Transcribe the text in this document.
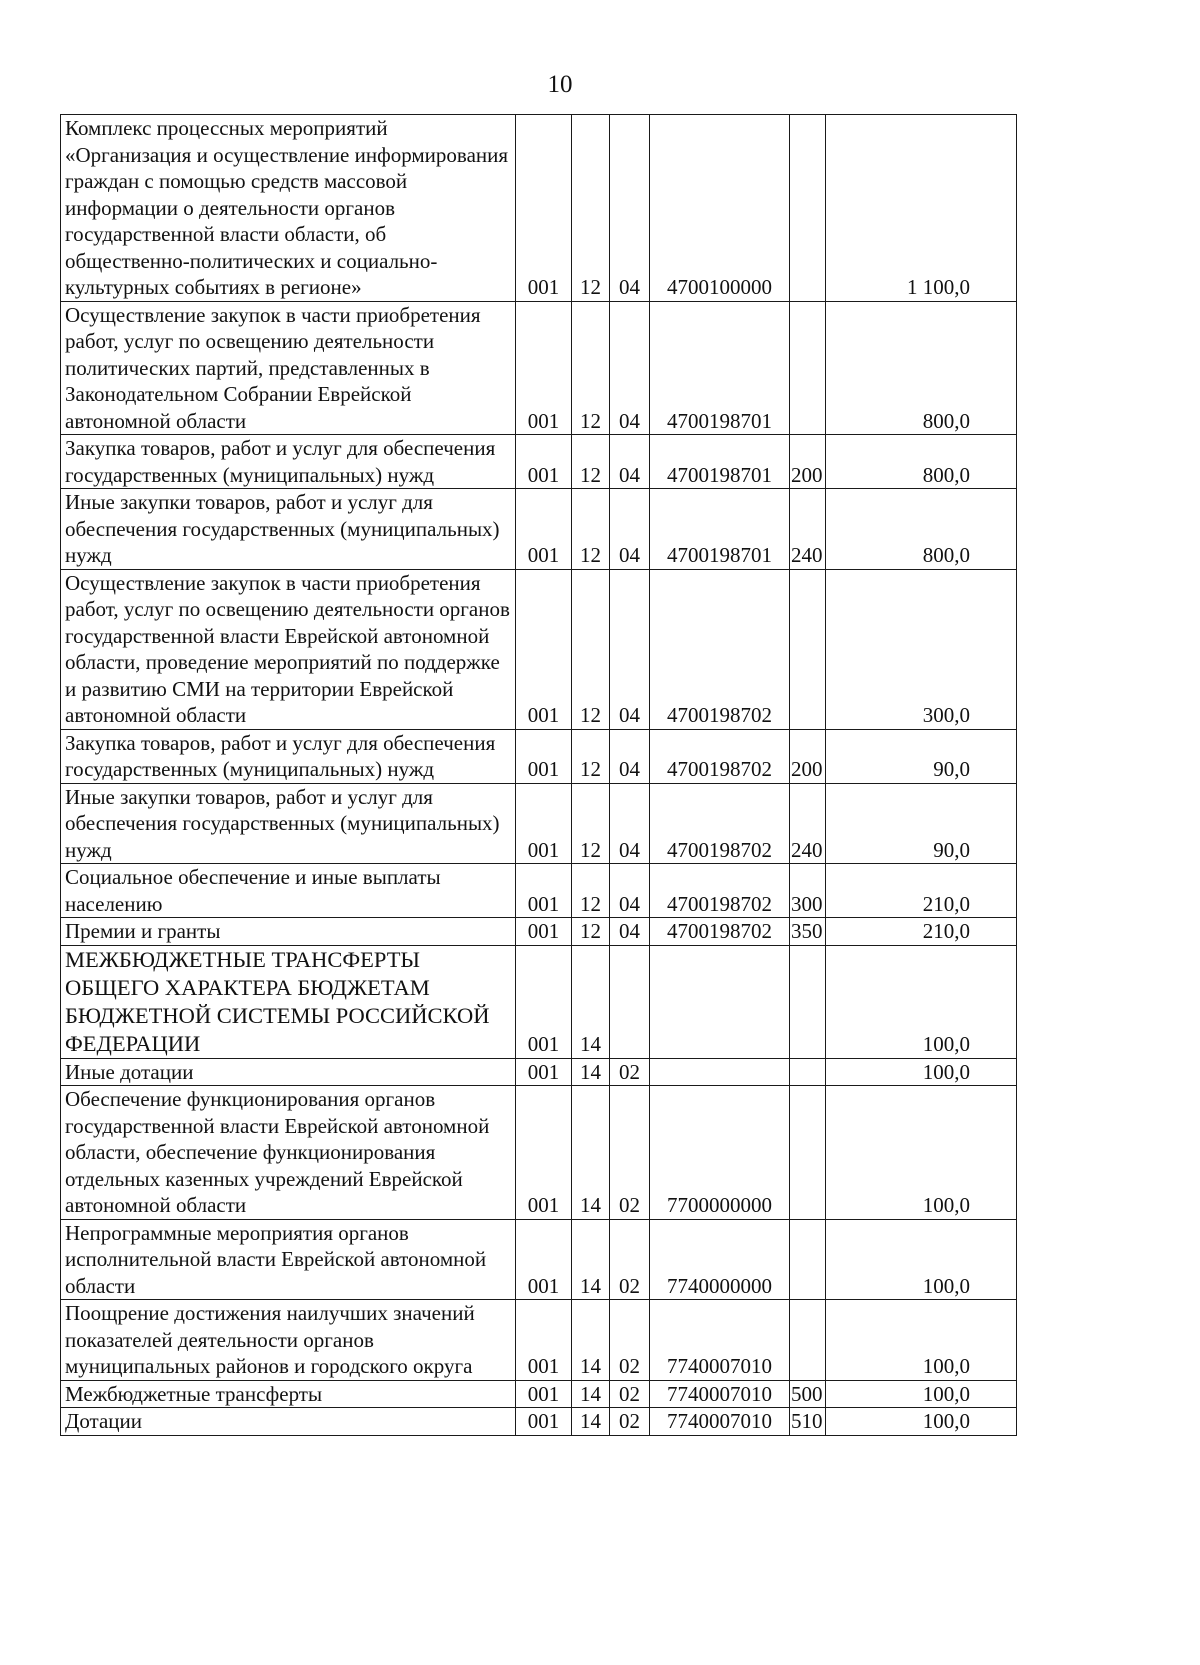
10
Комплекс процессных мероприятий «Организация и осуществление информирования граждан с помощью средств массовой информации о деятельности органов государственной власти области, об общественно-политических и социально-культурных событиях в регионе»	001	12	04	4700100000		1 100,0
Осуществление закупок в части приобретения работ, услуг по освещению деятельности политических партий, представленных в Законодательном Собрании Еврейской автономной области	001	12	04	4700198701		800,0
Закупка товаров, работ и услуг для обеспечения государственных (муниципальных) нужд	001	12	04	4700198701	200	800,0
Иные закупки товаров, работ и услуг для обеспечения государственных (муниципальных) нужд	001	12	04	4700198701	240	800,0
Осуществление закупок в части приобретения работ, услуг по освещению деятельности органов государственной власти Еврейской автономной области, проведение мероприятий по поддержке и развитию СМИ на территории Еврейской автономной области	001	12	04	4700198702		300,0
Закупка товаров, работ и услуг для обеспечения государственных (муниципальных) нужд	001	12	04	4700198702	200	90,0
Иные закупки товаров, работ и услуг для обеспечения государственных (муниципальных) нужд	001	12	04	4700198702	240	90,0
Социальное обеспечение и иные выплаты населению	001	12	04	4700198702	300	210,0
Премии и гранты	001	12	04	4700198702	350	210,0
МЕЖБЮДЖЕТНЫЕ ТРАНСФЕРТЫ ОБЩЕГО ХАРАКТЕРА БЮДЖЕТАМ БЮДЖЕТНОЙ СИСТЕМЫ РОССИЙСКОЙ ФЕДЕРАЦИИ	001	14				100,0
Иные дотации	001	14	02			100,0
Обеспечение функционирования органов государственной власти Еврейской автономной области, обеспечение функционирования отдельных казенных учреждений Еврейской автономной области	001	14	02	7700000000		100,0
Непрограммные мероприятия органов исполнительной власти Еврейской автономной области	001	14	02	7740000000		100,0
Поощрение достижения наилучших значений показателей деятельности органов муниципальных районов и городского округа	001	14	02	7740007010		100,0
Межбюджетные трансферты	001	14	02	7740007010	500	100,0
Дотации	001	14	02	7740007010	510	100,0
